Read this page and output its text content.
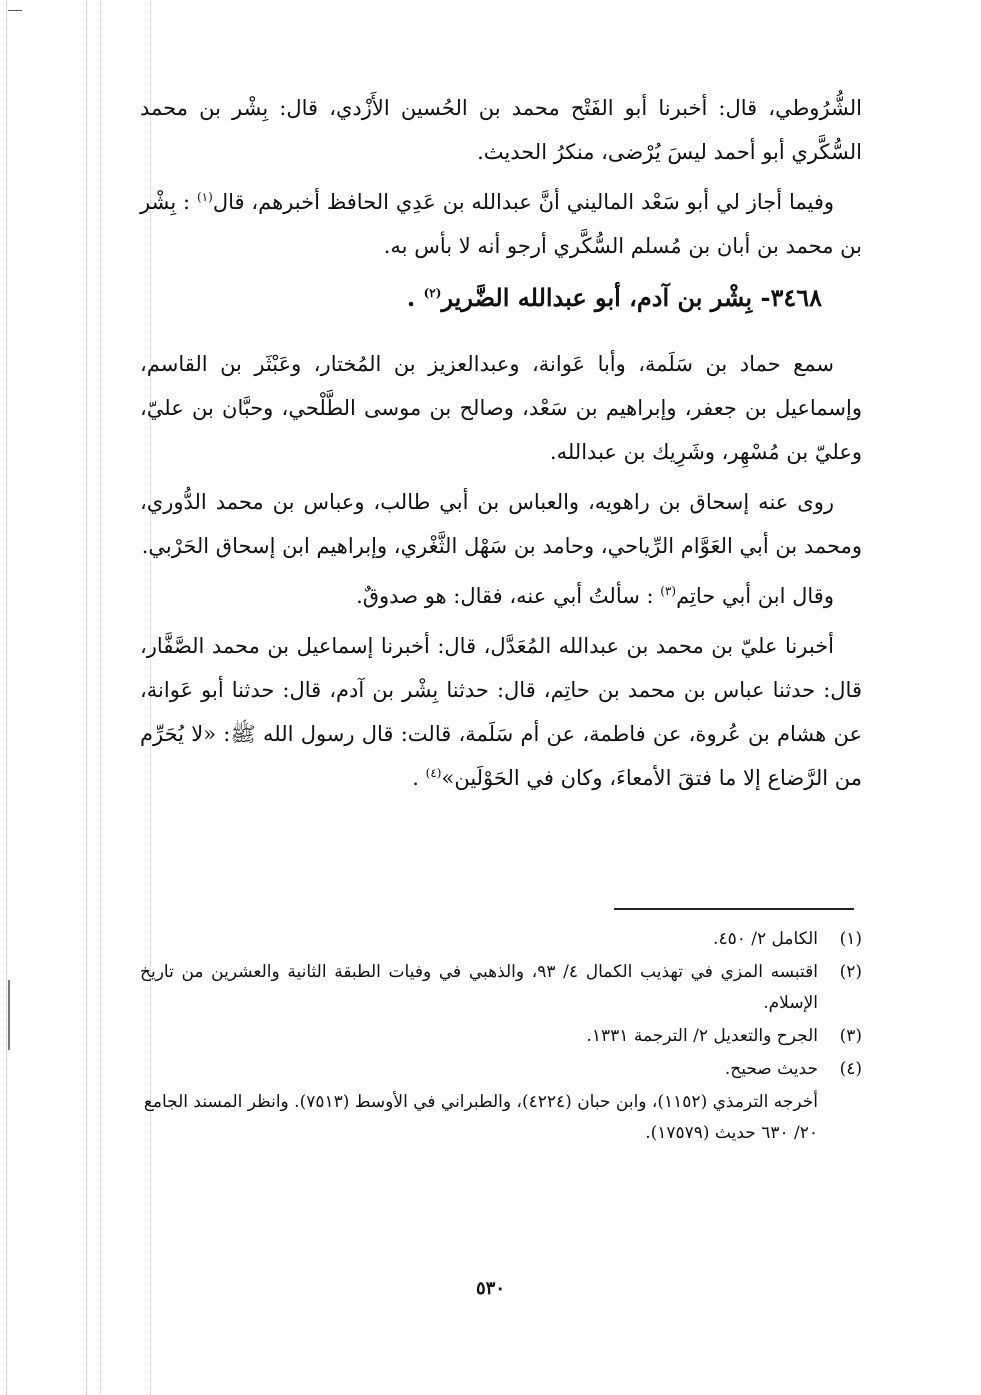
الشُّرُوطي، قال: أخبرنا أبو الفَتْح محمد بن الحُسين الأَزْدي، قال: بِشْر بن محمد السُّكَّري أبو أحمد ليسَ يُرْضى، منكرُ الحديث.

وفيما أجاز لي أبو سَعْد الماليني أنَّ عبدالله بن عَدِي الحافظ أخبرهم، قال$^{(١)}$ : بِشْر بن محمد بن أبان بن مُسلم السُّكَّري أرجو أنه لا بأس به.

٣٤٦٨- بِشْر بن آدم، أبو عبدالله الضَّرير$^{(٢)}$ .

سمع حماد بن سَلَمة، وأبا عَوانة، وعبدالعزيز بن المُختار، وعَبْثَر بن القاسم، وإسماعيل بن جعفر، وإبراهيم بن سَعْد، وصالح بن موسى الطَّلْحي، وحبَّان بن عليّ، وعليّ بن مُسْهِر، وشَرِيك بن عبدالله.

روى عنه إسحاق بن راهويه، والعباس بن أبي طالب، وعباس بن محمد الدُّوري، ومحمد بن أبي العَوَّام الرِّياحي، وحامد بن سَهْل الثَّغْري، وإبراهيم ابن إسحاق الحَرْبي.

وقال ابن أبي حاتِم$^{(٣)}$ : سألتُ أبي عنه، فقال: هو صدوقٌ.

أخبرنا عليّ بن محمد بن عبدالله المُعَدَّل، قال: أخبرنا إسماعيل بن محمد الصَّفَّار، قال: حدثنا عباس بن محمد بن حاتِم، قال: حدثنا بِشْر بن آدم، قال: حدثنا أبو عَوانة، عن هشام بن عُروة، عن فاطمة، عن أم سَلَمة، قالت: قال رسول الله ﷺ: «لا يُحَرِّم من الرَّضاع إلا ما فتقَ الأمعاءَ، وكان في الحَوْلَين»$^{(٤)}$ .

(١)
الكامل ٢/ ٤٥٠.
(٢)
اقتبسه المزي في تهذيب الكمال ٤/ ٩٣، والذهبي في وفيات الطبقة الثانية والعشرين من تاريخ الإسلام.
(٣)
الجرح والتعديل ٢/ الترجمة ١٣٣١.
(٤)
حديث صحيح.
أخرجه الترمذي (١١٥٢)، وابن حبان (٤٢٢٤)، والطبراني في الأوسط (٧٥١٣). وانظر المسند الجامع ٢٠/ ٦٣٠ حديث (١٧٥٧٩).
٥٣٠
